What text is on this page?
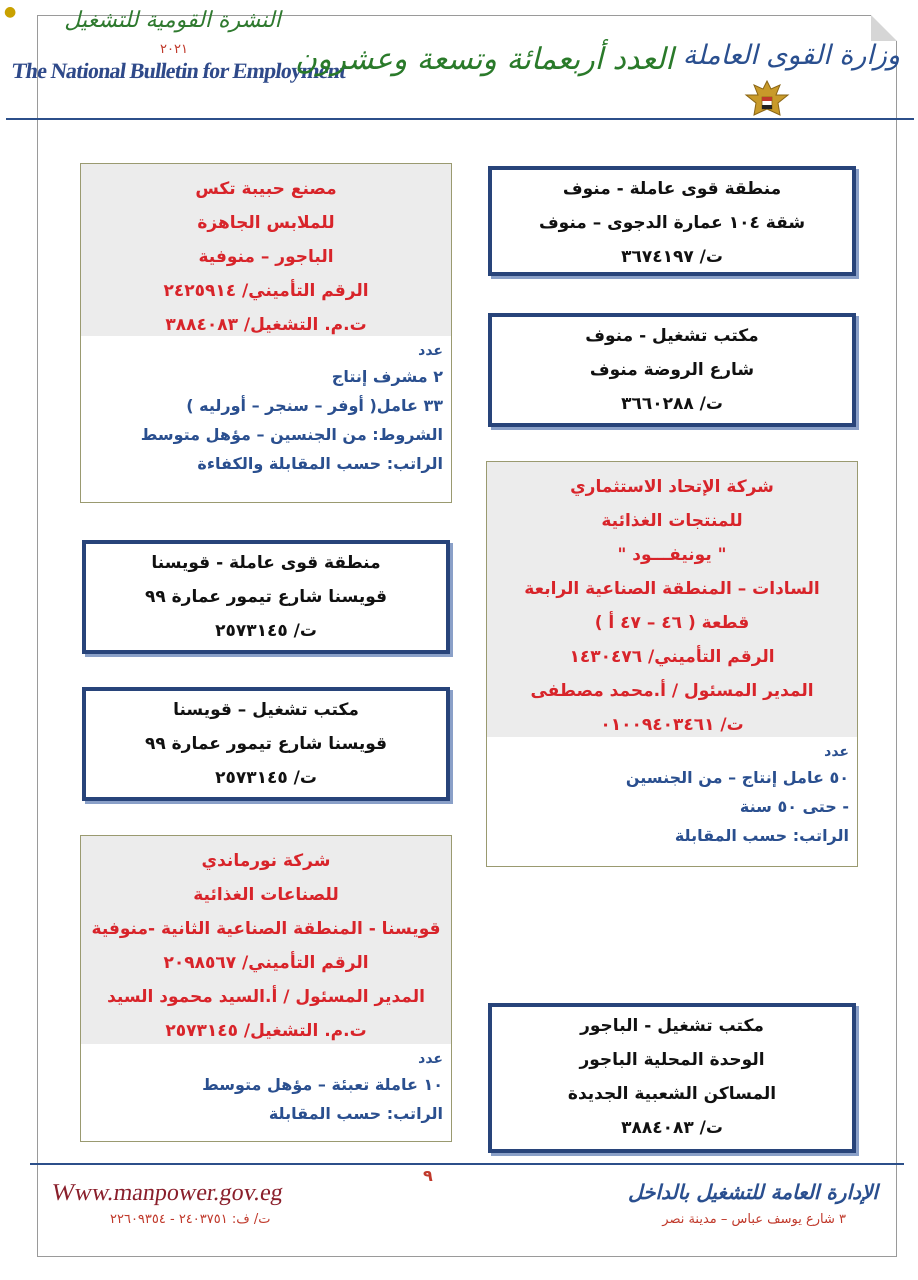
●	النشرة القومية للتشغيل
٢٠٢١
The National Bulletin for Employment
العدد أربعمائة وتسعة وعشرون وزارة القوى العاملة
منطقة قوى عاملة - منوف
شقة ١٠٤ عمارة الدجوى – منوف
ت/ ٣٦٧٤١٩٧
مكتب تشغيل - منوف
شارع الروضة منوف
ت/ ٣٦٦٠٢٨٨
شركة الإتحاد الاستثماري
للمنتجات الغذائية
" يونيفـــود "
السادات – المنطقة الصناعية الرابعة
قطعة ( ٤٦ – ٤٧ أ )
الرقم التأميني/ ١٤٣٠٤٧٦
المدير المسئول / أ.محمد مصطفى
ت/ ٠١٠٠٩٤٠٣٤٦١
عدد
٥٠ عامل إنتاج – من الجنسين
- حتى ٥٠ سنة
الراتب: حسب المقابلة
مكتب تشغيل - الباجور
الوحدة المحلية الباجور
المساكن الشعبية الجديدة
ت/ ٣٨٨٤٠٨٣
مصنع حبيبة تكس
للملابس الجاهزة
الباجور – منوفية
الرقم التأميني/ ٢٤٢٥٩١٤
ت.م. التشغيل/ ٣٨٨٤٠٨٣
عدد
٢ مشرف إنتاج
٣٣ عامل( أوفر – سنجر – أورليه )
الشروط: من الجنسين – مؤهل متوسط
الراتب: حسب المقابلة والكفاءة
منطقة قوى عاملة - قويسنا
قويسنا شارع تيمور عمارة ٩٩
ت/ ٢٥٧٣١٤٥
مكتب تشغيل – قويسنا
قويسنا شارع تيمور عمارة ٩٩
ت/ ٢٥٧٣١٤٥
شركة نورماندي
للصناعات الغذائية
قويسنا - المنطقة الصناعية الثانية -منوفية
الرقم التأميني/ ٢٠٩٨٥٦٧
المدير المسئول / أ.السيد محمود السيد
ت.م. التشغيل/ ٢٥٧٣١٤٥
عدد
١٠ عاملة تعبئة – مؤهل متوسط
الراتب: حسب المقابلة
Www.manpower.gov.eg
ت/ ف: ٢٤٠٣٧٥١ - ٢٢٦٠٩٣٥٤
٩
الإدارة العامة للتشغيل بالداخل
٣ شارع يوسف عباس – مدينة نصر
